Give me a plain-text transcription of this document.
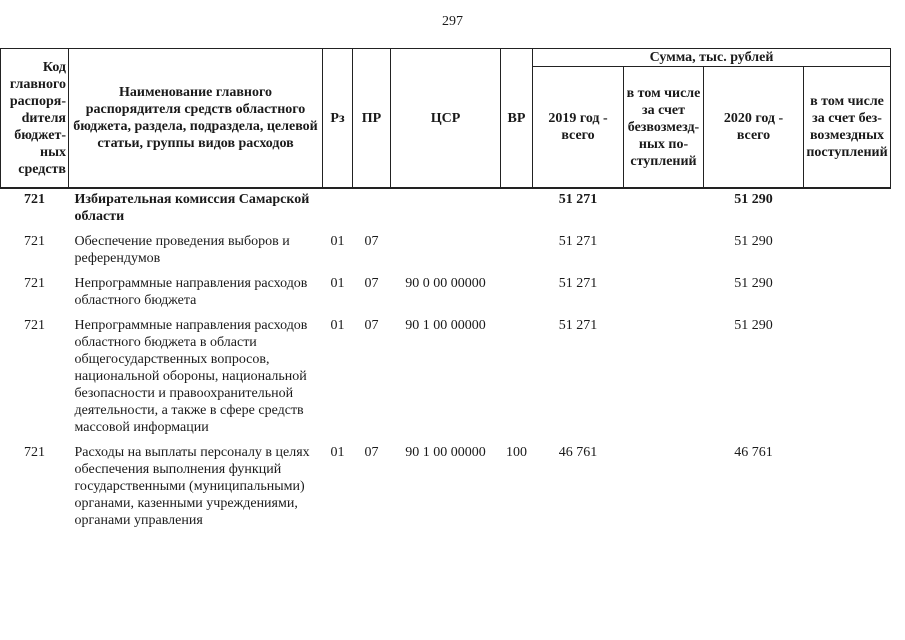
297
Код главного распоряdителя бюджетных средств	Наименование главного распорядителя средств областного бюджета, раздела, подраздела, целевой статьи, группы видов расходов	Рз	ПР	ЦСР	ВР	Сумма, тыс. рублей			
						2019 год - всего	в том числе за счет безвозмездных поступлений	2020 год - всего	в том числе за счет безвозмездных поступлений
721	Избирательная комиссия Самарской области					51 271		51 290	
721	Обеспечение проведения выборов и референдумов	01	07			51 271		51 290	
721	Непрограммные направления расходов областного бюджета	01	07	90 0 00 00000		51 271		51 290	
721	Непрограммные направления расходов областного бюджета в области общегосударственных вопросов, национальной обороны, национальной безопасности и правоохранительной деятельности, а также в сфере средств массовой информации	01	07	90 1 00 00000		51 271		51 290	
721	Расходы на выплаты персоналу в целях обеспечения выполнения функций государственными (муниципальными) органами, казенными учреждениями, органами управления	01	07	90 1 00 00000	100	46 761		46 761	
